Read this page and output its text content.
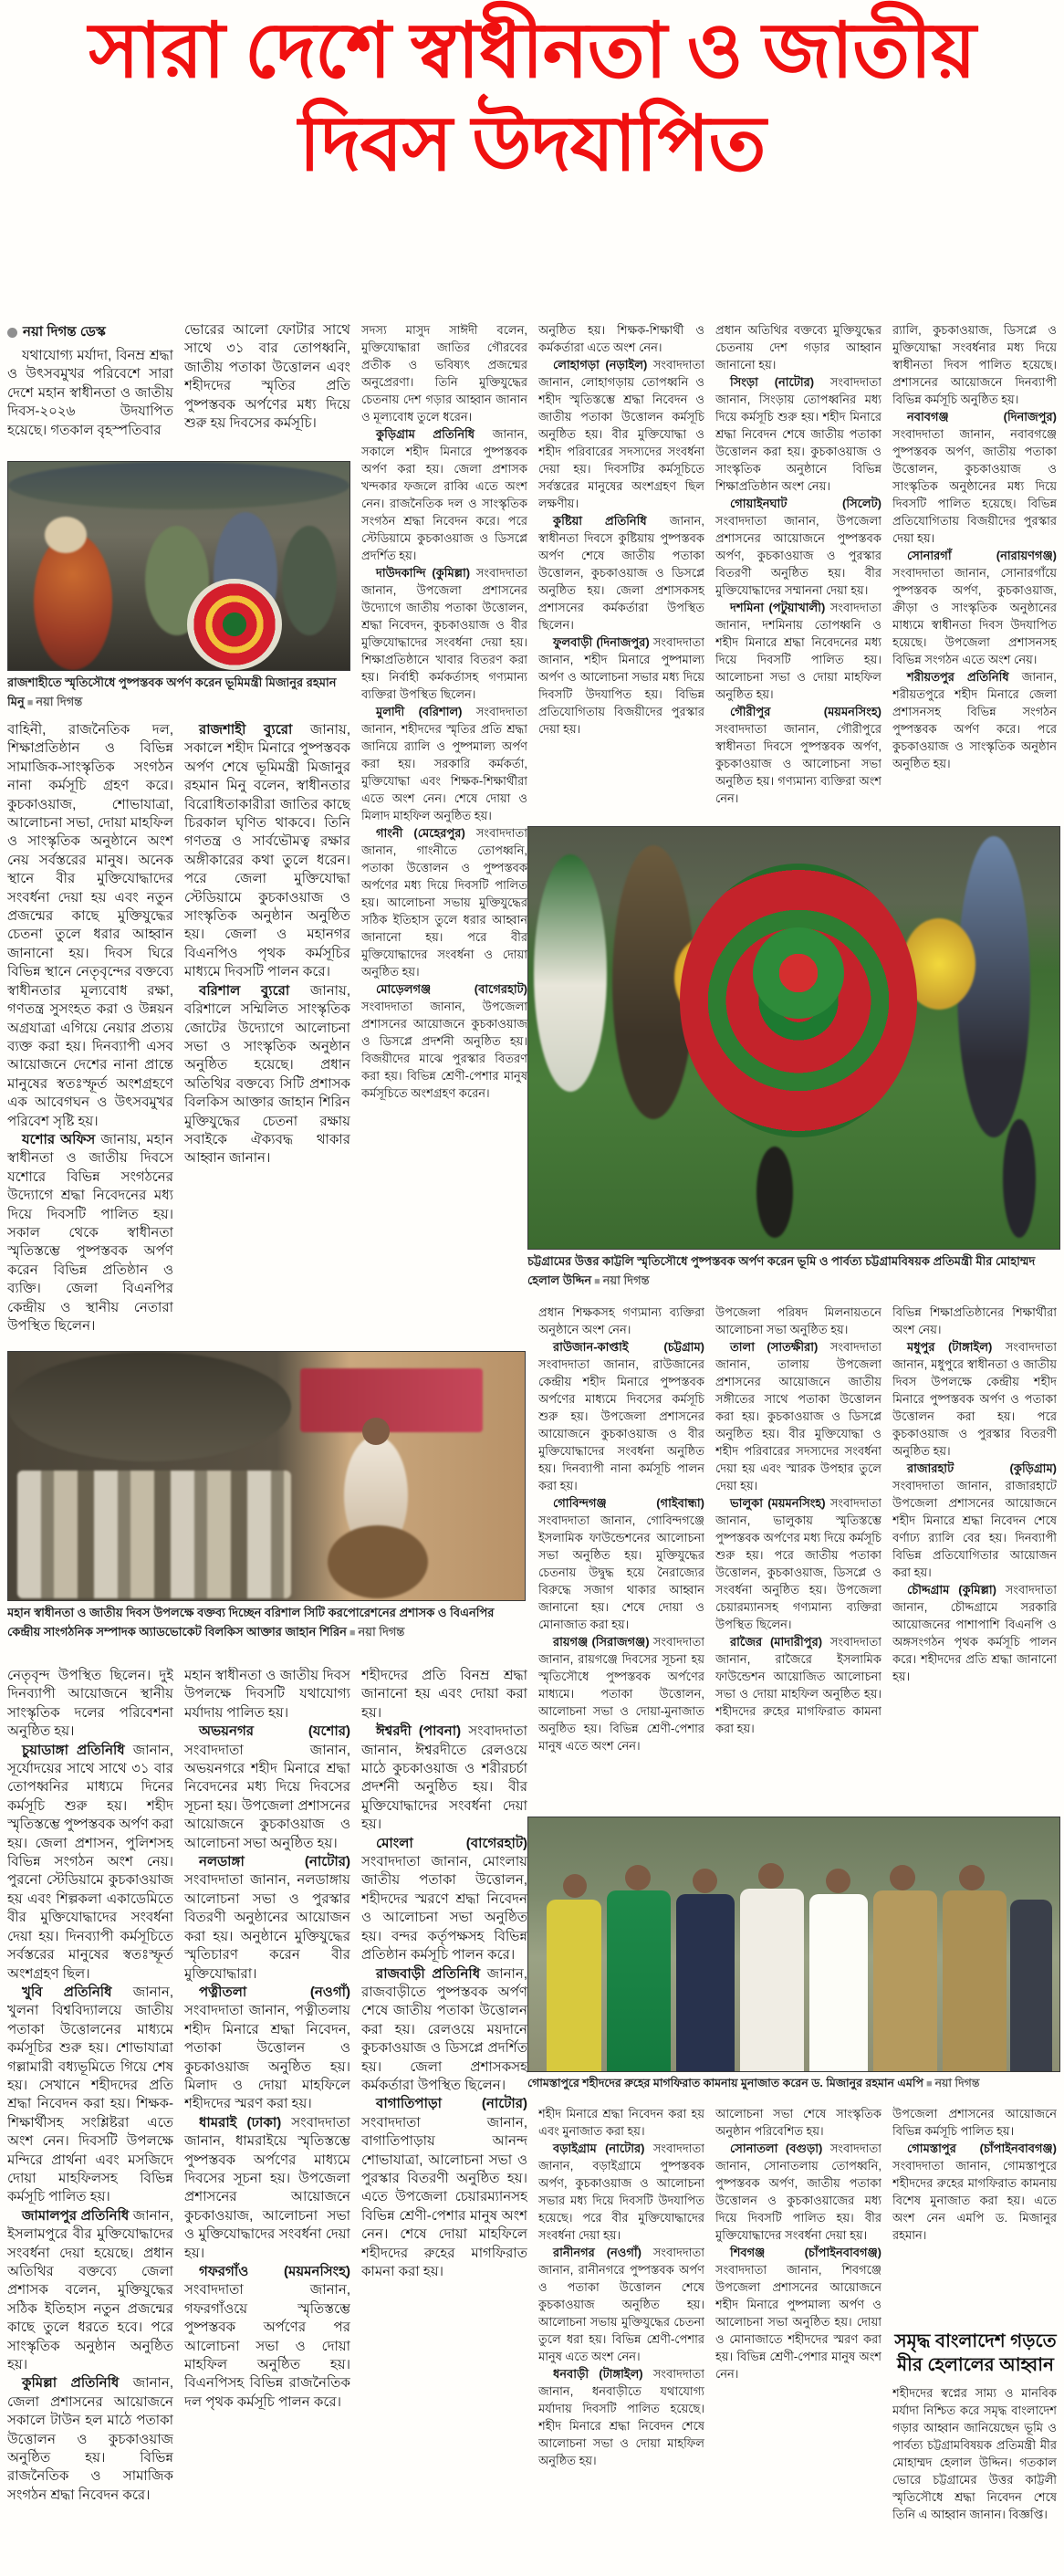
সারা দেশে স্বাধীনতা ও জাতীয়
দিবস উদযাপিত
নয়া দিগন্ত ডেস্ক

যথাযোগ্য মর্যাদা, বিনম্র শ্রদ্ধা ও উৎসবমুখর পরিবেশে সারা দেশে মহান স্বাধীনতা ও জাতীয় দিবস-২০২৬ উদযাপিত হয়েছে। গতকাল বৃহস্পতিবার

ভোরের আলো ফোটার সাথে সাথে ৩১ বার তোপধ্বনি, জাতীয় পতাকা উত্তোলন এবং শহীদদের স্মৃতির প্রতি পুষ্পস্তবক অর্পণের মধ্য দিয়ে শুরু হয় দিবসের কর্মসূচি।

রাজশাহীতে স্মৃতিসৌধে পুষ্পস্তবক অর্পণ করেন ভূমিমন্ত্রী মিজানুর রহমান মিনু ■ নয়া দিগন্ত

বাহিনী, রাজনৈতিক দল, শিক্ষাপ্রতিষ্ঠান ও বিভিন্ন সামাজিক-সাংস্কৃতিক সংগঠন নানা কর্মসূচি গ্রহণ করে। কুচকাওয়াজ, শোভাযাত্রা, আলোচনা সভা, দোয়া মাহফিল ও সাংস্কৃতিক অনুষ্ঠানে অংশ নেয় সর্বস্তরের মানুষ। অনেক স্থানে বীর মুক্তিযোদ্ধাদের সংবর্ধনা দেয়া হয় এবং নতুন প্রজন্মের কাছে মুক্তিযুদ্ধের চেতনা তুলে ধরার আহ্বান জানানো হয়। দিবস ঘিরে বিভিন্ন স্থানে নেতৃবৃন্দের বক্তব্যে স্বাধীনতার মূল্যবোধ রক্ষা, গণতন্ত্র সুসংহত করা ও উন্নয়ন অগ্রযাত্রা এগিয়ে নেয়ার প্রত্যয় ব্যক্ত করা হয়। দিনব্যাপী এসব আয়োজনে দেশের নানা প্রান্তে মানুষের স্বতঃস্ফূর্ত অংশগ্রহণে এক আবেগঘন ও উৎসবমুখর পরিবেশ সৃষ্টি হয়।

যশোর অফিস জানায়, মহান স্বাধীনতা ও জাতীয় দিবসে যশোরে বিভিন্ন সংগঠনের উদ্যোগে শ্রদ্ধা নিবেদনের মধ্য দিয়ে দিবসটি পালিত হয়। সকাল থেকে স্বাধীনতা স্মৃতিস্তম্ভে পুষ্পস্তবক অর্পণ করেন বিভিন্ন প্রতিষ্ঠান ও ব্যক্তি। জেলা বিএনপির কেন্দ্রীয় ও স্থানীয় নেতারা উপস্থিত ছিলেন।

রাজশাহী ব্যুরো জানায়, সকালে শহীদ মিনারে পুষ্পস্তবক অর্পণ শেষে ভূমিমন্ত্রী মিজানুর রহমান মিনু বলেন, স্বাধীনতার বিরোধিতাকারীরা জাতির কাছে চিরকাল ঘৃণিত থাকবে। তিনি গণতন্ত্র ও সার্বভৌমত্ব রক্ষার অঙ্গীকারের কথা তুলে ধরেন। পরে জেলা মুক্তিযোদ্ধা স্টেডিয়ামে কুচকাওয়াজ ও সাংস্কৃতিক অনুষ্ঠান অনুষ্ঠিত হয়। জেলা ও মহানগর বিএনপিও পৃথক কর্মসূচির মাধ্যমে দিবসটি পালন করে।

বরিশাল ব্যুরো জানায়, বরিশালে সম্মিলিত সাংস্কৃতিক জোটের উদ্যোগে আলোচনা সভা ও সাংস্কৃতিক অনুষ্ঠান অনুষ্ঠিত হয়েছে। প্রধান অতিথির বক্তব্যে সিটি প্রশাসক বিলকিস আক্তার জাহান শিরিন মুক্তিযুদ্ধের চেতনা রক্ষায় সবাইকে ঐক্যবদ্ধ থাকার আহ্বান জানান।

সদস্য মাসুদ সাঈদী বলেন, মুক্তিযোদ্ধারা জাতির গৌরবের প্রতীক ও ভবিষ্যৎ প্রজন্মের অনুপ্রেরণা। তিনি মুক্তিযুদ্ধের চেতনায় দেশ গড়ার আহ্বান জানান ও মূল্যবোধ তুলে ধরেন।

কুড়িগ্রাম প্রতিনিধি জানান, সকালে শহীদ মিনারে পুষ্পস্তবক অর্পণ করা হয়। জেলা প্রশাসক খন্দকার ফজলে রাব্বি এতে অংশ নেন। রাজনৈতিক দল ও সাংস্কৃতিক সংগঠন শ্রদ্ধা নিবেদন করে। পরে স্টেডিয়ামে কুচকাওয়াজ ও ডিসপ্লে প্রদর্শিত হয়।

দাউদকান্দি (কুমিল্লা) সংবাদদাতা জানান, উপজেলা প্রশাসনের উদ্যোগে জাতীয় পতাকা উত্তোলন, শ্রদ্ধা নিবেদন, কুচকাওয়াজ ও বীর মুক্তিযোদ্ধাদের সংবর্ধনা দেয়া হয়। শিক্ষাপ্রতিষ্ঠানে খাবার বিতরণ করা হয়। নির্বাহী কর্মকর্তাসহ গণ্যমান্য ব্যক্তিরা উপস্থিত ছিলেন।

মুলাদী (বরিশাল) সংবাদদাতা জানান, শহীদদের স্মৃতির প্রতি শ্রদ্ধা জানিয়ে র‌্যালি ও পুষ্পমাল্য অর্পণ করা হয়। সরকারি কর্মকর্তা, মুক্তিযোদ্ধা এবং শিক্ষক-শিক্ষার্থীরা এতে অংশ নেন। শেষে দোয়া ও মিলাদ মাহফিল অনুষ্ঠিত হয়।

গাংনী (মেহেরপুর) সংবাদদাতা জানান, গাংনীতে তোপধ্বনি, পতাকা উত্তোলন ও পুষ্পস্তবক অর্পণের মধ্য দিয়ে দিবসটি পালিত হয়। আলোচনা সভায় মুক্তিযুদ্ধের সঠিক ইতিহাস তুলে ধরার আহ্বান জানানো হয়। পরে বীর মুক্তিযোদ্ধাদের সংবর্ধনা ও দোয়া অনুষ্ঠিত হয়।

মোড়েলগঞ্জ (বাগেরহাট) সংবাদদাতা জানান, উপজেলা প্রশাসনের আয়োজনে কুচকাওয়াজ ও ডিসপ্লে প্রদর্শনী অনুষ্ঠিত হয়। বিজয়ীদের মাঝে পুরস্কার বিতরণ করা হয়। বিভিন্ন শ্রেণী-পেশার মানুষ কর্মসূচিতে অংশগ্রহণ করেন।

অনুষ্ঠিত হয়। শিক্ষক-শিক্ষার্থী ও কর্মকর্তারা এতে অংশ নেন।

লোহাগড়া (নড়াইল) সংবাদদাতা জানান, লোহাগড়ায় তোপধ্বনি ও শহীদ স্মৃতিস্তম্ভে শ্রদ্ধা নিবেদন ও জাতীয় পতাকা উত্তোলন কর্মসূচি অনুষ্ঠিত হয়। বীর মুক্তিযোদ্ধা ও শহীদ পরিবারের সদস্যদের সংবর্ধনা দেয়া হয়। দিবসটির কর্মসূচিতে সর্বস্তরের মানুষের অংশগ্রহণ ছিল লক্ষণীয়।

কুষ্টিয়া প্রতিনিধি জানান, স্বাধীনতা দিবসে কুষ্টিয়ায় পুষ্পস্তবক অর্পণ শেষে জাতীয় পতাকা উত্তোলন, কুচকাওয়াজ ও ডিসপ্লে অনুষ্ঠিত হয়। জেলা প্রশাসকসহ প্রশাসনের কর্মকর্তারা উপস্থিত ছিলেন।

ফুলবাড়ী (দিনাজপুর) সংবাদদাতা জানান, শহীদ মিনারে পুষ্পমাল্য অর্পণ ও আলোচনা সভার মধ্য দিয়ে দিবসটি উদযাপিত হয়। বিভিন্ন প্রতিযোগিতায় বিজয়ীদের পুরস্কার দেয়া হয়।

প্রধান অতিথির বক্তব্যে মুক্তিযুদ্ধের চেতনায় দেশ গড়ার আহ্বান জানানো হয়।

সিংড়া (নাটোর) সংবাদদাতা জানান, সিংড়ায় তোপধ্বনির মধ্য দিয়ে কর্মসূচি শুরু হয়। শহীদ মিনারে শ্রদ্ধা নিবেদন শেষে জাতীয় পতাকা উত্তোলন করা হয়। কুচকাওয়াজ ও সাংস্কৃতিক অনুষ্ঠানে বিভিন্ন শিক্ষাপ্রতিষ্ঠান অংশ নেয়।

গোয়াইনঘাট (সিলেট) সংবাদদাতা জানান, উপজেলা প্রশাসনের আয়োজনে পুষ্পস্তবক অর্পণ, কুচকাওয়াজ ও পুরস্কার বিতরণী অনুষ্ঠিত হয়। বীর মুক্তিযোদ্ধাদের সম্মাননা দেয়া হয়।

দশমিনা (পটুয়াখালী) সংবাদদাতা জানান, দশমিনায় তোপধ্বনি ও শহীদ মিনারে শ্রদ্ধা নিবেদনের মধ্য দিয়ে দিবসটি পালিত হয়। আলোচনা সভা ও দোয়া মাহফিল অনুষ্ঠিত হয়।

গৌরীপুর (ময়মনসিংহ) সংবাদদাতা জানান, গৌরীপুরে স্বাধীনতা দিবসে পুষ্পস্তবক অর্পণ, কুচকাওয়াজ ও আলোচনা সভা অনুষ্ঠিত হয়। গণ্যমান্য ব্যক্তিরা অংশ নেন।

র‌্যালি, কুচকাওয়াজ, ডিসপ্লে ও মুক্তিযোদ্ধা সংবর্ধনার মধ্য দিয়ে স্বাধীনতা দিবস পালিত হয়েছে। প্রশাসনের আয়োজনে দিনব্যাপী বিভিন্ন কর্মসূচি অনুষ্ঠিত হয়।

নবাবগঞ্জ (দিনাজপুর) সংবাদদাতা জানান, নবাবগঞ্জে পুষ্পস্তবক অর্পণ, জাতীয় পতাকা উত্তোলন, কুচকাওয়াজ ও সাংস্কৃতিক অনুষ্ঠানের মধ্য দিয়ে দিবসটি পালিত হয়েছে। বিভিন্ন প্রতিযোগিতায় বিজয়ীদের পুরস্কার দেয়া হয়।

সোনারগাঁ (নারায়ণগঞ্জ) সংবাদদাতা জানান, সোনারগাঁয়ে পুষ্পস্তবক অর্পণ, কুচকাওয়াজ, ক্রীড়া ও সাংস্কৃতিক অনুষ্ঠানের মাধ্যমে স্বাধীনতা দিবস উদযাপিত হয়েছে। উপজেলা প্রশাসনসহ বিভিন্ন সংগঠন এতে অংশ নেয়।

শরীয়তপুর প্রতিনিধি জানান, শরীয়তপুরে শহীদ মিনারে জেলা প্রশাসনসহ বিভিন্ন সংগঠন পুষ্পস্তবক অর্পণ করে। পরে কুচকাওয়াজ ও সাংস্কৃতিক অনুষ্ঠান অনুষ্ঠিত হয়।

চট্টগ্রামের উত্তর কাট্টলি স্মৃতিসৌধে পুষ্পস্তবক অর্পণ করেন ভূমি ও পার্বত্য চট্টগ্রামবিষয়ক প্রতিমন্ত্রী মীর মোহাম্মদ হেলাল উদ্দিন ■ নয়া দিগন্ত

প্রধান শিক্ষকসহ গণ্যমান্য ব্যক্তিরা অনুষ্ঠানে অংশ নেন।

রাউজান-কাপ্তাই (চট্টগ্রাম) সংবাদদাতা জানান, রাউজানের কেন্দ্রীয় শহীদ মিনারে পুষ্পস্তবক অর্পণের মাধ্যমে দিবসের কর্মসূচি শুরু হয়। উপজেলা প্রশাসনের আয়োজনে কুচকাওয়াজ ও বীর মুক্তিযোদ্ধাদের সংবর্ধনা অনুষ্ঠিত হয়। দিনব্যাপী নানা কর্মসূচি পালন করা হয়।

গোবিন্দগঞ্জ (গাইবান্ধা) সংবাদদাতা জানান, গোবিন্দগঞ্জে ইসলামিক ফাউন্ডেশনের আলোচনা সভা অনুষ্ঠিত হয়। মুক্তিযুদ্ধের চেতনায় উদ্বুদ্ধ হয়ে নৈরাজ্যের বিরুদ্ধে সজাগ থাকার আহ্বান জানানো হয়। শেষে দোয়া ও মোনাজাত করা হয়।

রায়গঞ্জ (সিরাজগঞ্জ) সংবাদদাতা জানান, রায়গঞ্জে দিবসের সূচনা হয় স্মৃতিসৌধে পুষ্পস্তবক অর্পণের মাধ্যমে। পতাকা উত্তোলন, আলোচনা সভা ও দোয়া-মুনাজাত অনুষ্ঠিত হয়। বিভিন্ন শ্রেণী-পেশার মানুষ এতে অংশ নেন।

উপজেলা পরিষদ মিলনায়তনে আলোচনা সভা অনুষ্ঠিত হয়।

তালা (সাতক্ষীরা) সংবাদদাতা জানান, তালায় উপজেলা প্রশাসনের আয়োজনে জাতীয় সঙ্গীতের সাথে পতাকা উত্তোলন করা হয়। কুচকাওয়াজ ও ডিসপ্লে অনুষ্ঠিত হয়। বীর মুক্তিযোদ্ধা ও শহীদ পরিবারের সদস্যদের সংবর্ধনা দেয়া হয় এবং স্মারক উপহার তুলে দেয়া হয়।

ভালুকা (ময়মনসিংহ) সংবাদদাতা জানান, ভালুকায় স্মৃতিস্তম্ভে পুষ্পস্তবক অর্পণের মধ্য দিয়ে কর্মসূচি শুরু হয়। পরে জাতীয় পতাকা উত্তোলন, কুচকাওয়াজ, ডিসপ্লে ও সংবর্ধনা অনুষ্ঠিত হয়। উপজেলা চেয়ারম্যানসহ গণ্যমান্য ব্যক্তিরা উপস্থিত ছিলেন।

রাজৈর (মাদারীপুর) সংবাদদাতা জানান, রাজৈরে ইসলামিক ফাউন্ডেশন আয়োজিত আলোচনা সভা ও দোয়া মাহফিল অনুষ্ঠিত হয়। শহীদদের রুহের মাগফিরাত কামনা করা হয়।

বিভিন্ন শিক্ষাপ্রতিষ্ঠানের শিক্ষার্থীরা অংশ নেয়।

মধুপুর (টাঙ্গাইল) সংবাদদাতা জানান, মধুপুরে স্বাধীনতা ও জাতীয় দিবস উপলক্ষে কেন্দ্রীয় শহীদ মিনারে পুষ্পস্তবক অর্পণ ও পতাকা উত্তোলন করা হয়। পরে কুচকাওয়াজ ও পুরস্কার বিতরণী অনুষ্ঠিত হয়।

রাজারহাট (কুড়িগ্রাম) সংবাদদাতা জানান, রাজারহাটে উপজেলা প্রশাসনের আয়োজনে শহীদ মিনারে শ্রদ্ধা নিবেদন শেষে বর্ণাঢ্য র‌্যালি বের হয়। দিনব্যাপী বিভিন্ন প্রতিযোগিতার আয়োজন করা হয়।

চৌদ্দগ্রাম (কুমিল্লা) সংবাদদাতা জানান, চৌদ্দগ্রামে সরকারি আয়োজনের পাশাপাশি বিএনপি ও অঙ্গসংগঠন পৃথক কর্মসূচি পালন করে। শহীদদের প্রতি শ্রদ্ধা জানানো হয়।

মহান স্বাধীনতা ও জাতীয় দিবস উপলক্ষে বক্তব্য দিচ্ছেন বরিশাল সিটি করপোরেশনের প্রশাসক ও বিএনপির কেন্দ্রীয় সাংগঠনিক সম্পাদক অ্যাডভোকেট বিলকিস আক্তার জাহান শিরিন ■ নয়া দিগন্ত

নেতৃবৃন্দ উপস্থিত ছিলেন। দুই দিনব্যাপী আয়োজনে স্থানীয় সাংস্কৃতিক দলের পরিবেশনা অনুষ্ঠিত হয়।

চুয়াডাঙ্গা প্রতিনিধি জানান, সূর্যোদয়ের সাথে সাথে ৩১ বার তোপধ্বনির মাধ্যমে দিনের কর্মসূচি শুরু হয়। শহীদ স্মৃতিস্তম্ভে পুষ্পস্তবক অর্পণ করা হয়। জেলা প্রশাসন, পুলিশসহ বিভিন্ন সংগঠন অংশ নেয়। পুরনো স্টেডিয়ামে কুচকাওয়াজ হয় এবং শিল্পকলা একাডেমিতে বীর মুক্তিযোদ্ধাদের সংবর্ধনা দেয়া হয়। দিনব্যাপী কর্মসূচিতে সর্বস্তরের মানুষের স্বতঃস্ফূর্ত অংশগ্রহণ ছিল।

খুবি প্রতিনিধি জানান, খুলনা বিশ্ববিদ্যালয়ে জাতীয় পতাকা উত্তোলনের মাধ্যমে কর্মসূচির শুরু হয়। শোভাযাত্রা গল্লামারী বধ্যভূমিতে গিয়ে শেষ হয়। সেখানে শহীদদের প্রতি শ্রদ্ধা নিবেদন করা হয়। শিক্ষক-শিক্ষার্থীসহ সংশ্লিষ্টরা এতে অংশ নেন। দিবসটি উপলক্ষে মন্দিরে প্রার্থনা এবং মসজিদে দোয়া মাহফিলসহ বিভিন্ন কর্মসূচি পালিত হয়।

জামালপুর প্রতিনিধি জানান, ইসলামপুরে বীর মুক্তিযোদ্ধাদের সংবর্ধনা দেয়া হয়েছে। প্রধান অতিথির বক্তব্যে জেলা প্রশাসক বলেন, মুক্তিযুদ্ধের সঠিক ইতিহাস নতুন প্রজন্মের কাছে তুলে ধরতে হবে। পরে সাংস্কৃতিক অনুষ্ঠান অনুষ্ঠিত হয়।

কুমিল্লা প্রতিনিধি জানান, জেলা প্রশাসনের আয়োজনে সকালে টাউন হল মাঠে পতাকা উত্তোলন ও কুচকাওয়াজ অনুষ্ঠিত হয়। বিভিন্ন রাজনৈতিক ও সামাজিক সংগঠন শ্রদ্ধা নিবেদন করে।

মহান স্বাধীনতা ও জাতীয় দিবস উপলক্ষে দিবসটি যথাযোগ্য মর্যাদায় পালিত হয়।

অভয়নগর (যশোর) সংবাদদাতা জানান, অভয়নগরে শহীদ মিনারে শ্রদ্ধা নিবেদনের মধ্য দিয়ে দিবসের সূচনা হয়। উপজেলা প্রশাসনের আয়োজনে কুচকাওয়াজ ও আলোচনা সভা অনুষ্ঠিত হয়।

নলডাঙ্গা (নাটোর) সংবাদদাতা জানান, নলডাঙ্গায় আলোচনা সভা ও পুরস্কার বিতরণী অনুষ্ঠানের আয়োজন করা হয়। অনুষ্ঠানে মুক্তিযুদ্ধের স্মৃতিচারণ করেন বীর মুক্তিযোদ্ধারা।

পত্নীতলা (নওগাঁ) সংবাদদাতা জানান, পত্নীতলায় শহীদ মিনারে শ্রদ্ধা নিবেদন, পতাকা উত্তোলন ও কুচকাওয়াজ অনুষ্ঠিত হয়। মিলাদ ও দোয়া মাহফিলে শহীদদের স্মরণ করা হয়।

ধামরাই (ঢাকা) সংবাদদাতা জানান, ধামরাইয়ে স্মৃতিস্তম্ভে পুষ্পস্তবক অর্পণের মাধ্যমে দিবসের সূচনা হয়। উপজেলা প্রশাসনের আয়োজনে কুচকাওয়াজ, আলোচনা সভা ও মুক্তিযোদ্ধাদের সংবর্ধনা দেয়া হয়।

গফরগাঁও (ময়মনসিংহ) সংবাদদাতা জানান, গফরগাঁওয়ে স্মৃতিস্তম্ভে পুষ্পস্তবক অর্পণের পর আলোচনা সভা ও দোয়া মাহফিল অনুষ্ঠিত হয়। বিএনপিসহ বিভিন্ন রাজনৈতিক দল পৃথক কর্মসূচি পালন করে।

শহীদদের প্রতি বিনম্র শ্রদ্ধা জানানো হয় এবং দোয়া করা হয়।

ঈশ্বরদী (পাবনা) সংবাদদাতা জানান, ঈশ্বরদীতে রেলওয়ে মাঠে কুচকাওয়াজ ও শরীরচর্চা প্রদর্শনী অনুষ্ঠিত হয়। বীর মুক্তিযোদ্ধাদের সংবর্ধনা দেয়া হয়।

মোংলা (বাগেরহাট) সংবাদদাতা জানান, মোংলায় জাতীয় পতাকা উত্তোলন, শহীদদের স্মরণে শ্রদ্ধা নিবেদন ও আলোচনা সভা অনুষ্ঠিত হয়। বন্দর কর্তৃপক্ষসহ বিভিন্ন প্রতিষ্ঠান কর্মসূচি পালন করে।

রাজবাড়ী প্রতিনিধি জানান, রাজবাড়ীতে পুষ্পস্তবক অর্পণ শেষে জাতীয় পতাকা উত্তোলন করা হয়। রেলওয়ে ময়দানে কুচকাওয়াজ ও ডিসপ্লে প্রদর্শিত হয়। জেলা প্রশাসকসহ কর্মকর্তারা উপস্থিত ছিলেন।

বাগাতিপাড়া (নাটোর) সংবাদদাতা জানান, বাগাতিপাড়ায় আনন্দ শোভাযাত্রা, আলোচনা সভা ও পুরস্কার বিতরণী অনুষ্ঠিত হয়। এতে উপজেলা চেয়ারম্যানসহ বিভিন্ন শ্রেণী-পেশার মানুষ অংশ নেন। শেষে দোয়া মাহফিলে শহীদদের রুহের মাগফিরাত কামনা করা হয়।

গোমস্তাপুরে শহীদদের রুহের মাগফিরাত কামনায় মুনাজাত করেন ড. মিজানুর রহমান এমপি ■ নয়া দিগন্ত

শহীদ মিনারে শ্রদ্ধা নিবেদন করা হয় এবং মুনাজাত করা হয়।

বড়াইগ্রাম (নাটোর) সংবাদদাতা জানান, বড়াইগ্রামে পুষ্পস্তবক অর্পণ, কুচকাওয়াজ ও আলোচনা সভার মধ্য দিয়ে দিবসটি উদযাপিত হয়েছে। পরে বীর মুক্তিযোদ্ধাদের সংবর্ধনা দেয়া হয়।

রানীনগর (নওগাঁ) সংবাদদাতা জানান, রানীনগরে পুষ্পস্তবক অর্পণ ও পতাকা উত্তোলন শেষে কুচকাওয়াজ অনুষ্ঠিত হয়। আলোচনা সভায় মুক্তিযুদ্ধের চেতনা তুলে ধরা হয়। বিভিন্ন শ্রেণী-পেশার মানুষ এতে অংশ নেন।

ধনবাড়ী (টাঙ্গাইল) সংবাদদাতা জানান, ধনবাড়ীতে যথাযোগ্য মর্যাদায় দিবসটি পালিত হয়েছে। শহীদ মিনারে শ্রদ্ধা নিবেদন শেষে আলোচনা সভা ও দোয়া মাহফিল অনুষ্ঠিত হয়।

আলোচনা সভা শেষে সাংস্কৃতিক অনুষ্ঠান পরিবেশিত হয়।

সোনাতলা (বগুড়া) সংবাদদাতা জানান, সোনাতলায় তোপধ্বনি, পুষ্পস্তবক অর্পণ, জাতীয় পতাকা উত্তোলন ও কুচকাওয়াজের মধ্য দিয়ে দিবসটি পালিত হয়। বীর মুক্তিযোদ্ধাদের সংবর্ধনা দেয়া হয়।

শিবগঞ্জ (চাঁপাইনবাবগঞ্জ) সংবাদদাতা জানান, শিবগঞ্জে উপজেলা প্রশাসনের আয়োজনে শহীদ মিনারে পুষ্পমাল্য অর্পণ ও আলোচনা সভা অনুষ্ঠিত হয়। দোয়া ও মোনাজাতে শহীদদের স্মরণ করা হয়। বিভিন্ন শ্রেণী-পেশার মানুষ অংশ নেন।

উপজেলা প্রশাসনের আয়োজনে বিভিন্ন কর্মসূচি পালিত হয়।

গোমস্তাপুর (চাঁপাইনবাবগঞ্জ) সংবাদদাতা জানান, গোমস্তাপুরে শহীদদের রুহের মাগফিরাত কামনায় বিশেষ মুনাজাত করা হয়। এতে অংশ নেন এমপি ড. মিজানুর রহমান।

সমৃদ্ধ বাংলাদেশ গড়তে
মীর হেলালের আহ্বান

শহীদদের স্বপ্নের সাম্য ও মানবিক মর্যাদা নিশ্চিত করে সমৃদ্ধ বাংলাদেশ গড়ার আহ্বান জানিয়েছেন ভূমি ও পার্বত্য চট্টগ্রামবিষয়ক প্রতিমন্ত্রী মীর মোহাম্মদ হেলাল উদ্দিন। গতকাল ভোরে চট্টগ্রামের উত্তর কাট্টলী স্মৃতিসৌধে শ্রদ্ধা নিবেদন শেষে তিনি এ আহ্বান জানান। বিজ্ঞপ্তি।
